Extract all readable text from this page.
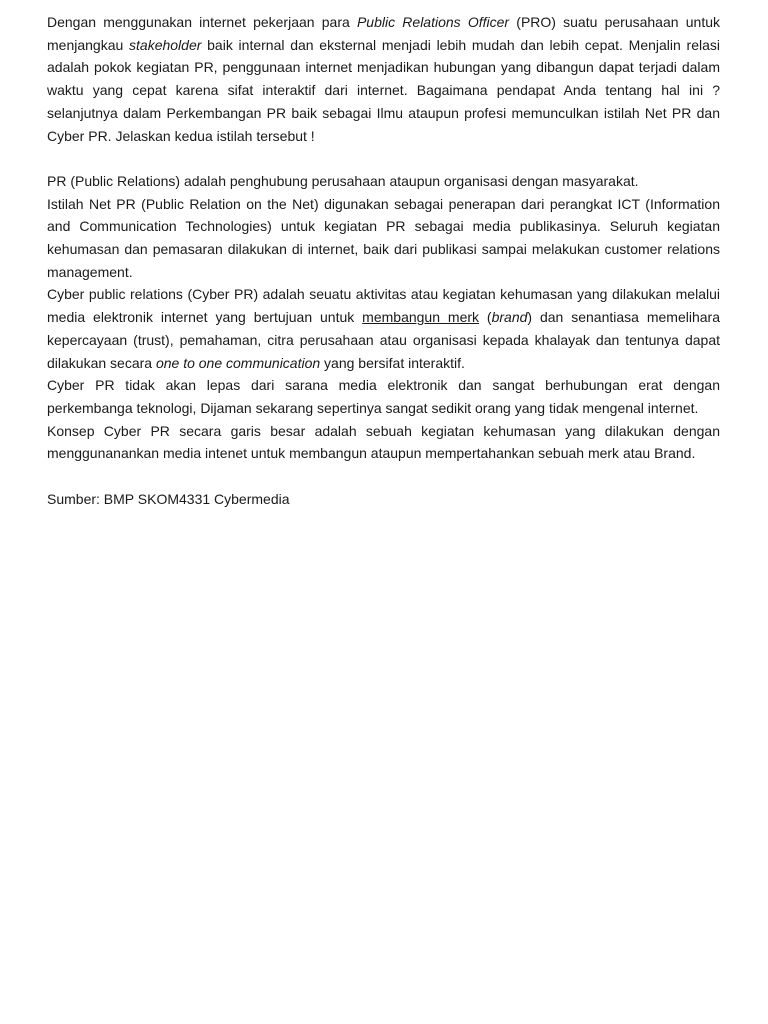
Dengan menggunakan internet pekerjaan para Public Relations Officer (PRO) suatu perusahaan untuk menjangkau stakeholder baik internal dan eksternal menjadi lebih mudah dan lebih cepat. Menjalin relasi adalah pokok kegiatan PR, penggunaan internet menjadikan hubungan yang dibangun dapat terjadi dalam waktu yang cepat karena sifat interaktif dari internet. Bagaimana pendapat Anda tentang hal ini ? selanjutnya dalam Perkembangan PR baik sebagai Ilmu ataupun profesi memunculkan istilah Net PR dan Cyber PR. Jelaskan kedua istilah tersebut !

PR (Public Relations) adalah penghubung perusahaan ataupun organisasi dengan masyarakat.

Istilah Net PR (Public Relation on the Net) digunakan sebagai penerapan dari perangkat ICT (Information and Communication Technologies) untuk kegiatan PR sebagai media publikasinya. Seluruh kegiatan kehumasan dan pemasaran dilakukan di internet, baik dari publikasi sampai melakukan customer relations management.

Cyber public relations (Cyber PR) adalah seuatu aktivitas atau kegiatan kehumasan yang dilakukan melalui media elektronik internet yang bertujuan untuk membangun merk (brand) dan senantiasa memelihara kepercayaan (trust), pemahaman, citra perusahaan atau organisasi kepada khalayak dan tentunya dapat dilakukan secara one to one communication yang bersifat interaktif.

Cyber PR tidak akan lepas dari sarana media elektronik dan sangat berhubungan erat dengan perkembanga teknologi, Dijaman sekarang sepertinya sangat sedikit orang yang tidak mengenal internet.

Konsep Cyber PR secara garis besar adalah sebuah kegiatan kehumasan yang dilakukan dengan menggunanankan media intenet untuk membangun ataupun mempertahankan sebuah merk atau Brand.

Sumber: BMP SKOM4331 Cybermedia
